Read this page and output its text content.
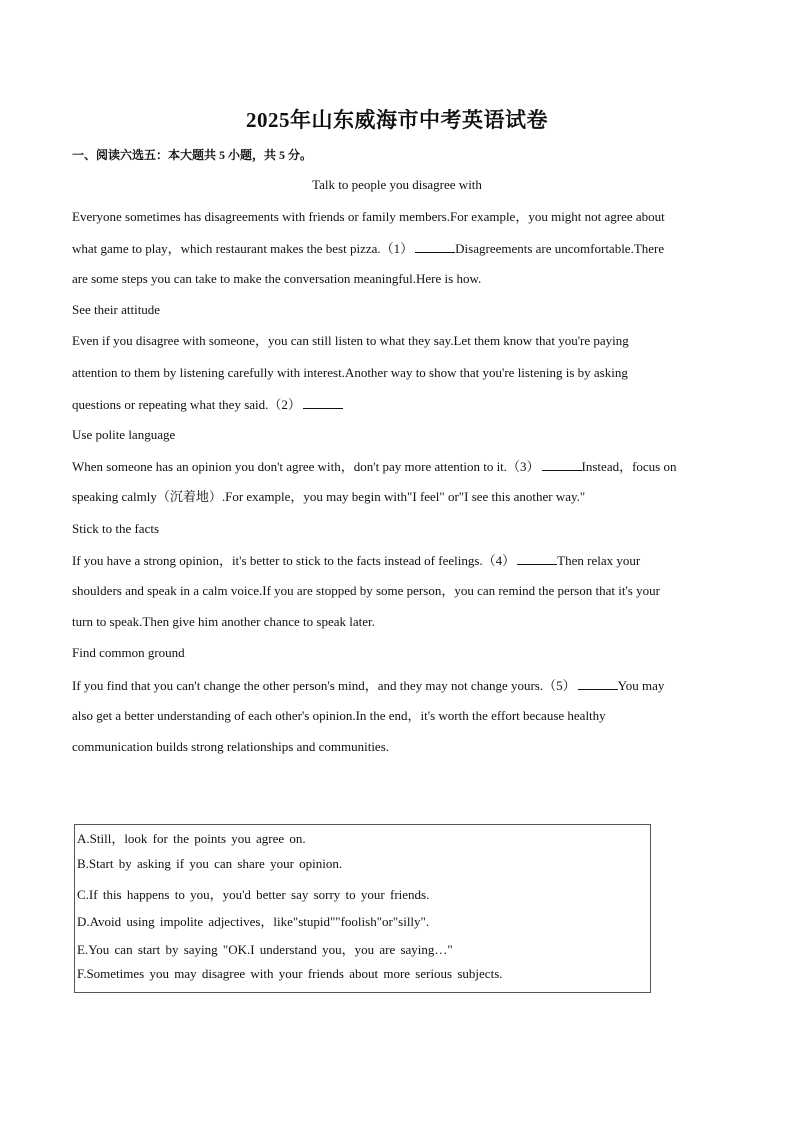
2025年山东威海市中考英语试卷
一、阅读六选五：本大题共 5 小题，共 5 分。
Talk to people you disagree with
Everyone sometimes has disagreements with friends or family members.For example，you might not agree about
what game to play，which restaurant makes the best pizza.（1）	Disagreements are uncomfortable.There
are some steps you can take to make the conversation meaningful.Here is how.
See their attitude
Even if you disagree with someone，you can still listen to what they say.Let them know that you're paying
attention to them by listening carefully with interest.Another way to show that you're listening is by asking
questions or repeating what they said.（2）
Use polite language
When someone has an opinion you don't agree with，don't pay more attention to it.（3）	Instead，focus on
speaking calmly（沉着地）.For example，you may begin with"I feel" or"I see this another way."
Stick to the facts
If you have a strong opinion，it's better to stick to the facts instead of feelings.（4）	Then relax your
shoulders and speak in a calm voice.If you are stopped by some person，you can remind the person that it's your
turn to speak.Then give him another chance to speak later.
Find common ground
If you find that you can't change the other person's mind，and they may not change yours.（5）	You may
also get a better understanding of each other's opinion.In the end，it's worth the effort because healthy
communication builds strong relationships and communities.
A.Still，look for the points you agree on.
B.Start by asking if you can share your opinion.
C.If this happens to you，you'd better say sorry to your friends.
D.Avoid using impolite adjectives，like"stupid""foolish"or"silly".
E.You can start by saying "OK.I understand you，you are saying…"
F.Sometimes you may disagree with your friends about more serious subjects.
